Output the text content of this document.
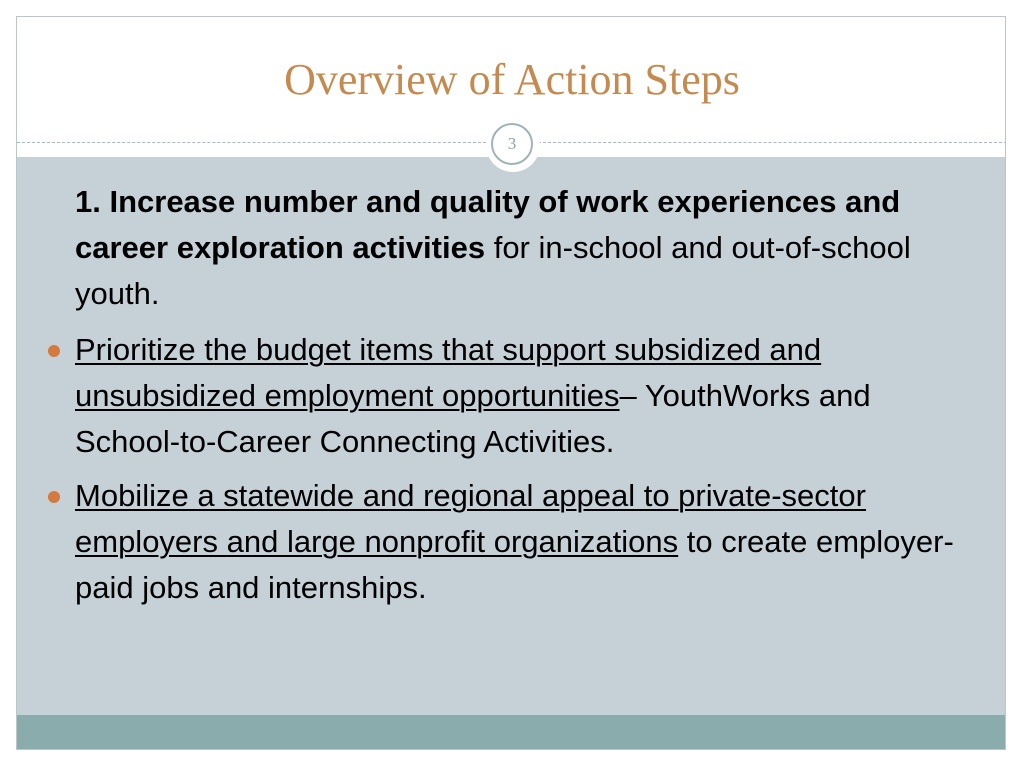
Overview of Action Steps
3

1. Increase number and quality of work experiences and career exploration activities for in-school and out-of-school youth.

Prioritize the budget items that support subsidized and unsubsidized employment opportunities– YouthWorks and School-to-Career Connecting Activities.

Mobilize a statewide and regional appeal to private-sector employers and large nonprofit organizations to create employer-paid jobs and internships.
